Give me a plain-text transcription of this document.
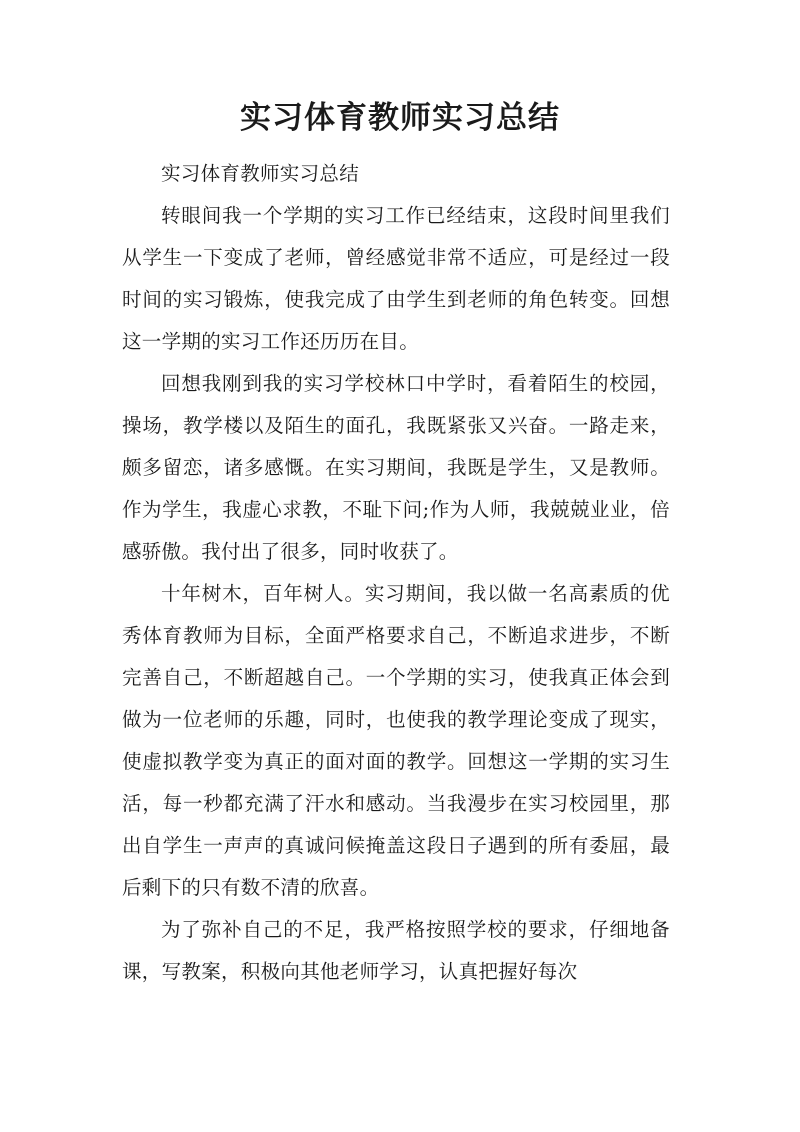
实习体育教师实习总结

实习体育教师实习总结

转眼间我一个学期的实习工作已经结束，这段时间里我们从学生一下变成了老师，曾经感觉非常不适应，可是经过一段时间的实习锻炼，使我完成了由学生到老师的角色转变。回想这一学期的实习工作还历历在目。

回想我刚到我的实习学校林口中学时，看着陌生的校园，操场，教学楼以及陌生的面孔，我既紧张又兴奋。一路走来，颇多留恋，诸多感慨。在实习期间，我既是学生，又是教师。作为学生，我虚心求教，不耻下问;作为人师，我兢兢业业，倍感骄傲。我付出了很多，同时收获了。

十年树木，百年树人。实习期间，我以做一名高素质的优秀体育教师为目标，全面严格要求自己，不断追求进步，不断完善自己，不断超越自己。一个学期的实习，使我真正体会到做为一位老师的乐趣，同时，也使我的教学理论变成了现实，使虚拟教学变为真正的面对面的教学。回想这一学期的实习生活，每一秒都充满了汗水和感动。当我漫步在实习校园里，那出自学生一声声的真诚问候掩盖这段日子遇到的所有委屈，最后剩下的只有数不清的欣喜。

为了弥补自己的不足，我严格按照学校的要求，仔细地备课，写教案，积极向其他老师学习，认真把握好每次
